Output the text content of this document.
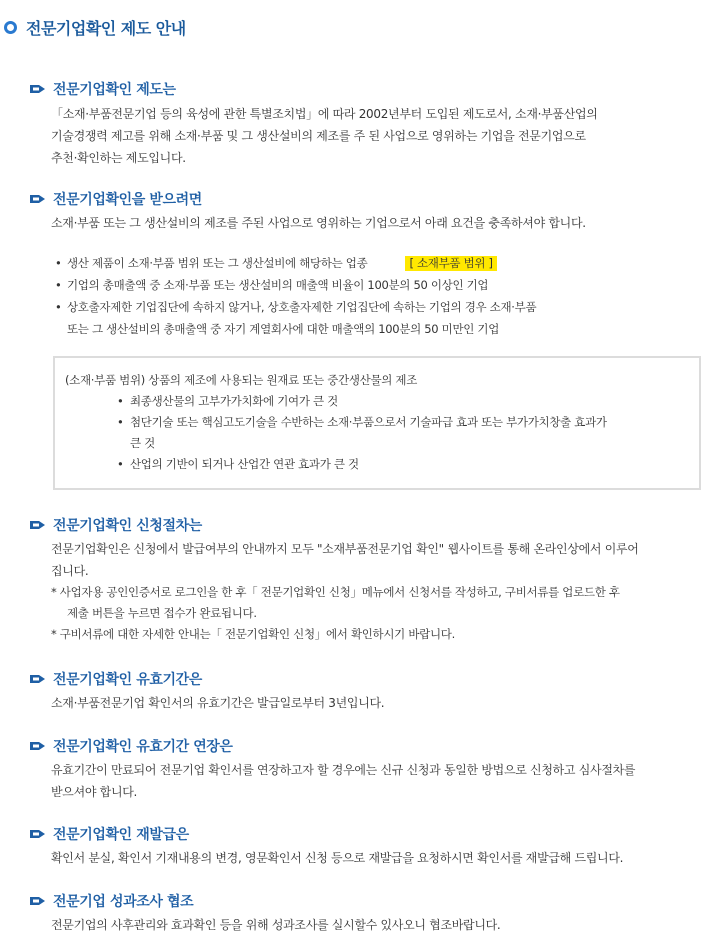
전문기업확인 제도 안내
전문기업확인 제도는
「소재·부품전문기업 등의 육성에 관한 특별조치법」에 따라 2002년부터 도입된 제도로서, 소재·부품산업의
기술경쟁력 제고를 위해 소재·부품 및 그 생산설비의 제조를 주 된 사업으로 영위하는 기업을 전문기업으로
추천·확인하는 제도입니다.
전문기업확인을 받으려면
소재·부품 또는 그 생산설비의 제조를 주된 사업으로 영위하는 기업으로서 아래 요건을 충족하셔야 합니다.
• 생산 제품이 소재·부품 범위 또는 그 생산설비에 해당하는 업종	[ 소재부품 범위 ]
• 기업의 총매출액 중 소재·부품 또는 생산설비의 매출액 비율이 100분의 50 이상인 기업
• 상호출자제한 기업집단에 속하지 않거나, 상호출자제한 기업집단에 속하는 기업의 경우 소재·부품
또는 그 생산설비의 총매출액 중 자기 계열회사에 대한 매출액의 100분의 50 미만인 기업
(소재·부품 범위) 상품의 제조에 사용되는 원재료 또는 중간생산물의 제조
• 최종생산물의 고부가가치화에 기여가 큰 것
• 첨단기술 또는 핵심고도기술을 수반하는 소재·부품으로서 기술파급 효과 또는 부가가치창출 효과가
큰 것
• 산업의 기반이 되거나 산업간 연관 효과가 큰 것
전문기업확인 신청절차는
전문기업확인은 신청에서 발급여부의 안내까지 모두 "소재부품전문기업 확인" 웹사이트를 통해 온라인상에서 이루어
집니다.
* 사업자용 공인인증서로 로그인을 한 후「 전문기업확인 신청」메뉴에서 신청서를 작성하고, 구비서류를 업로드한 후
제출 버튼을 누르면 접수가 완료됩니다.
* 구비서류에 대한 자세한 안내는「 전문기업확인 신청」에서 확인하시기 바랍니다.
전문기업확인 유효기간은
소재·부품전문기업 확인서의 유효기간은 발급일로부터 3년입니다.
전문기업확인 유효기간 연장은
유효기간이 만료되어 전문기업 확인서를 연장하고자 할 경우에는 신규 신청과 동일한 방법으로 신청하고 심사절차를
받으셔야 합니다.
전문기업확인 재발급은
확인서 분실, 확인서 기재내용의 변경, 영문확인서 신청 등으로 재발급을 요청하시면 확인서를 재발급해 드립니다.
전문기업 성과조사 협조
전문기업의 사후관리와 효과확인 등을 위해 성과조사를 실시할수 있사오니 협조바랍니다.
